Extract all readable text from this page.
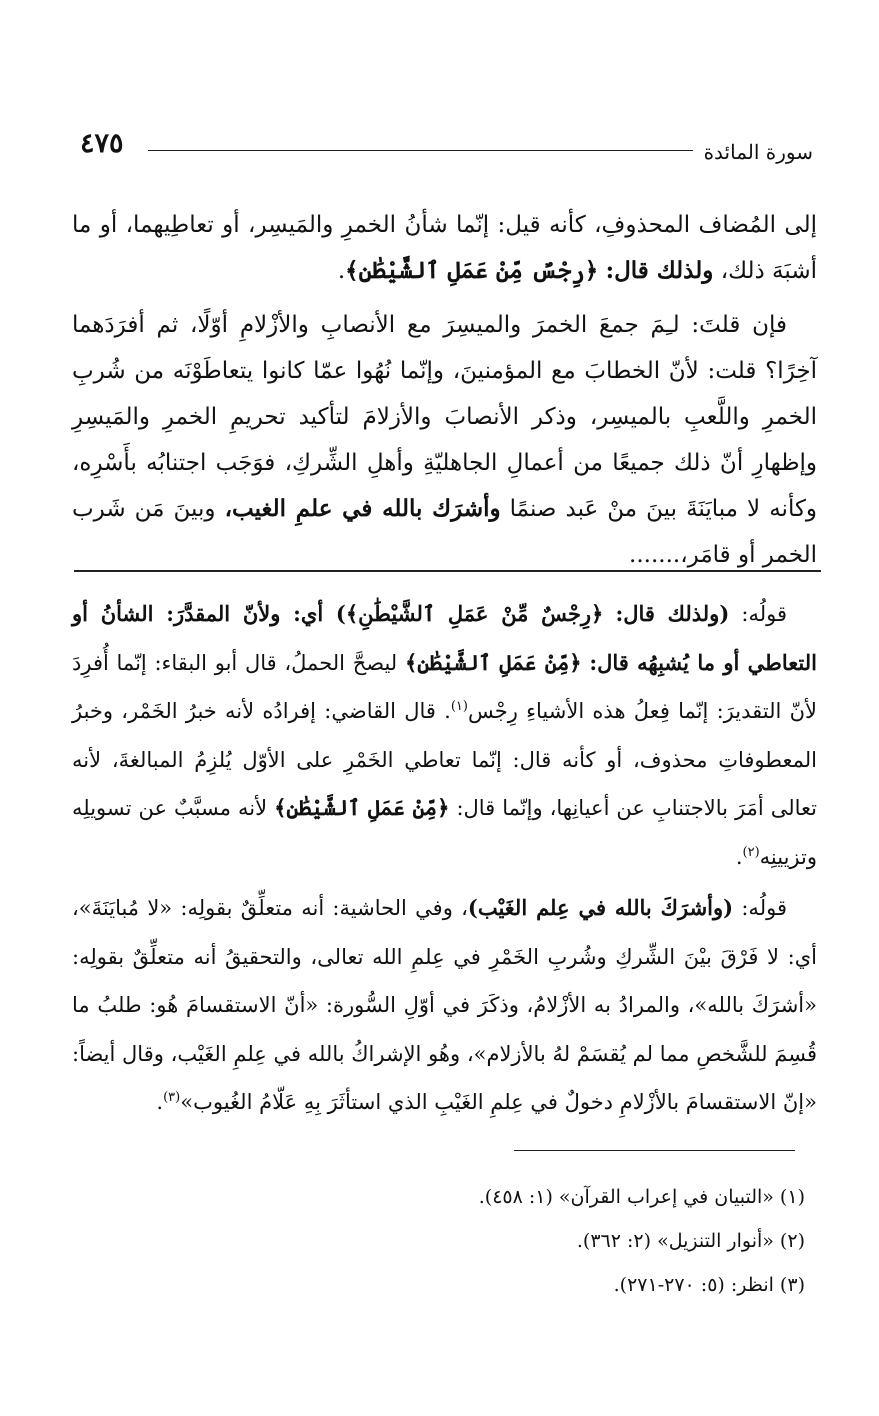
٤٧٥	سورة المائدة

إلى المُضاف المحذوفِ، كأنه قيل: إنّما شأنُ الخمرِ والمَيسِر، أو تعاطِيهما، أو ما أشبَهَ ذلك، ولذلك قال: ﴿رِجْسٌ مِّنْ عَمَلِ ٱلشَّيْطَٰنِ﴾.

فإن قلتَ: لـِمَ جمعَ الخمرَ والميسِرَ مع الأنصابِ والأزْلامِ أوّلًا، ثم أفرَدَهما آخِرًا؟ قلت: لأنّ الخطابَ مع المؤمنينَ، وإنّما نُهُوا عمّا كانوا يتعاطَوْنَه من شُربِ الخمرِ واللَّعبِ بالميسِر، وذكر الأنصابَ والأزلامَ لتأكيد تحريمِ الخمرِ والمَيسِرِ وإظهارِ أنّ ذلك جميعًا من أعمالِ الجاهليّةِ وأهلِ الشِّركِ، فوَجَب اجتنابُه بأَسْرِه، وكأنه لا مبايَنَةَ بينَ منْ عَبد صنمًا وأشرَك بالله في علمِ الغيب، وبينَ مَن شَرب الخمر أو قامَر،.......

قولُه: (ولذلك قال: ﴿رِجْسٌ مِّنْ عَمَلِ ٱلشَّيْطَٰنِ﴾) أي: ولأنّ المقدَّرَ: الشأنُ أو التعاطي أو ما يُشبِهُه قال: ﴿مِّنْ عَمَلِ ٱلشَّيْطَٰنِ﴾ ليصحَّ الحملُ، قال أبو البقاء: إنّما أُفرِدَ لأنّ التقديرَ: إنّما فِعلُ هذه الأشياءِ رِجْس$^{(١)}$. قال القاضي: إفرادُه لأنه خبرُ الخَمْر، وخبرُ المعطوفاتِ محذوف، أو كأنه قال: إنّما تعاطي الخَمْرِ على الأوّل يُلزِمُ المبالغةَ، لأنه تعالى أمَرَ بالاجتنابِ عن أعيانِها، وإنّما قال: ﴿مِّنْ عَمَلِ ٱلشَّيْطَٰنِ﴾ لأنه مسبَّبٌ عن تسويلِه وتزيينِه$^{(٢)}$.

قولُه: (وأشرَكَ بالله في عِلم الغَيْب)، وفي الحاشية: أنه متعلِّقٌ بقولِه: «لا مُبايَنَةَ»، أي: لا فَرْقَ بيْنَ الشِّركِ وشُربِ الخَمْرِ في عِلمِ الله تعالى، والتحقيقُ أنه متعلِّقٌ بقولِه: «أشرَكَ بالله»، والمرادُ به الأزْلامُ، وذكَرَ في أوّلِ السُّورة: «أنّ الاستقسامَ هُو: طلبُ ما قُسِمَ للشَّخصِ مما لم يُقسَمْ لهُ بالأزلام»، وهُو الإشراكُ بالله في عِلمِ الغَيْب، وقال أيضاً: «إنّ الاستقسامَ بالأزْلامِ دخولٌ في عِلمِ الغَيْبِ الذي استأثَرَ بِهِ عَلّامُ الغُيوب»$^{(٣)}$.

(١) «التبيان في إعراب القرآن» (١: ٤٥٨).
(٢) «أنوار التنزيل» (٢: ٣٦٢).
(٣) انظر: (٥: ٢٧٠-٢٧١).
